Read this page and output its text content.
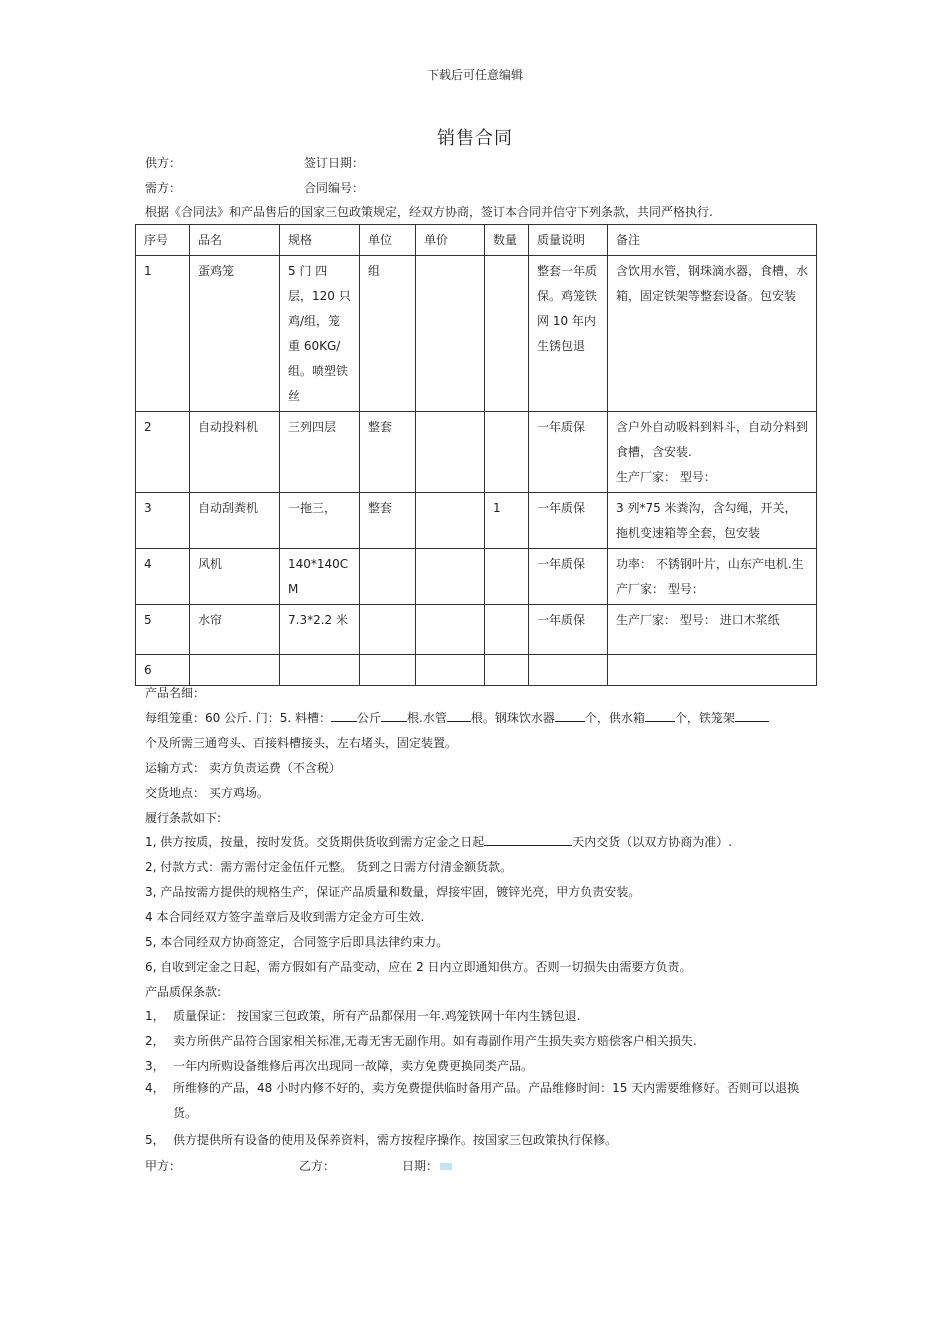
下载后可任意编辑
销售合同
供方：	签订日期：
需方：	合同编号：
根据《合同法》和产品售后的国家三包政策规定，经双方协商，签订本合同并信守下列条款，共同严格执行.
序号	品名	规格	单位	单价	数量	质量说明	备注
1	蛋鸡笼	5 门 四层，120 只鸡/组，笼重 60KG/组。喷塑铁丝	组			整套一年质保。鸡笼铁网 10 年内生锈包退	含饮用水管，钢珠滴水器，食槽，水箱，固定铁架等整套设备。包安装
2	自动投料机	三列四层	整套			一年质保	含户外自动吸料到料斗，自动分料到食槽，含安装.
生产厂家： 型号：
3	自动刮粪机	一拖三，	整套		1	一年质保	3 列*75 米粪沟，含勾绳，开关，拖机变速箱等全套，包安装
4	风机	140*140CM				一年质保	功率： 不锈钢叶片，山东产电机.生产厂家： 型号：
5	水帘	7.3*2.2 米				一年质保	生产厂家： 型号： 进口木浆纸
6							
产品名细：
每组笼重：60 公斤. 门：5. 料槽： 公斤 根.水管 根。钢珠饮水器	个，供水箱	个，铁笼架
个及所需三通弯头、百接料槽接头，左右堵头，固定装置。
运输方式： 卖方负责运费（不含税）
交货地点： 买方鸡场。
履行条款如下:
1, 供方按质，按量，按时发货。交货期供货收到需方定金之日起	天内交货（以双方协商为准）.
2, 付款方式：需方需付定金伍仟元整。 货到之日需方付清金额货款。
3, 产品按需方提供的规格生产，保证产品质量和数量，焊接牢固，镀锌光亮，甲方负责安装。
4 本合同经双方签字盖章后及收到需方定金方可生效.
5, 本合同经双方协商签定，合同签字后即具法律约束力。
6, 自收到定金之日起，需方假如有产品变动，应在 2 日内立即通知供方。否则一切损失由需要方负责。
产品质保条款:
1， 质量保证： 按国家三包政策，所有产品都保用一年.鸡笼铁网十年内生锈包退.
2， 卖方所供产品符合国家相关标准,无毒无害无副作用。如有毒副作用产生损失卖方赔偿客户相关损失.
3， 一年内所购设备维修后再次出现同一故障，卖方免费更换同类产品。
4， 所维修的产品，48 小时内修不好的，卖方免费提供临时备用产品。产品维修时间：15 天内需要维修好。否则可以退换货。
5， 供方提供所有设备的使用及保养资料，需方按程序操作。按国家三包政策执行保修。
甲方：	乙方：	日期：
